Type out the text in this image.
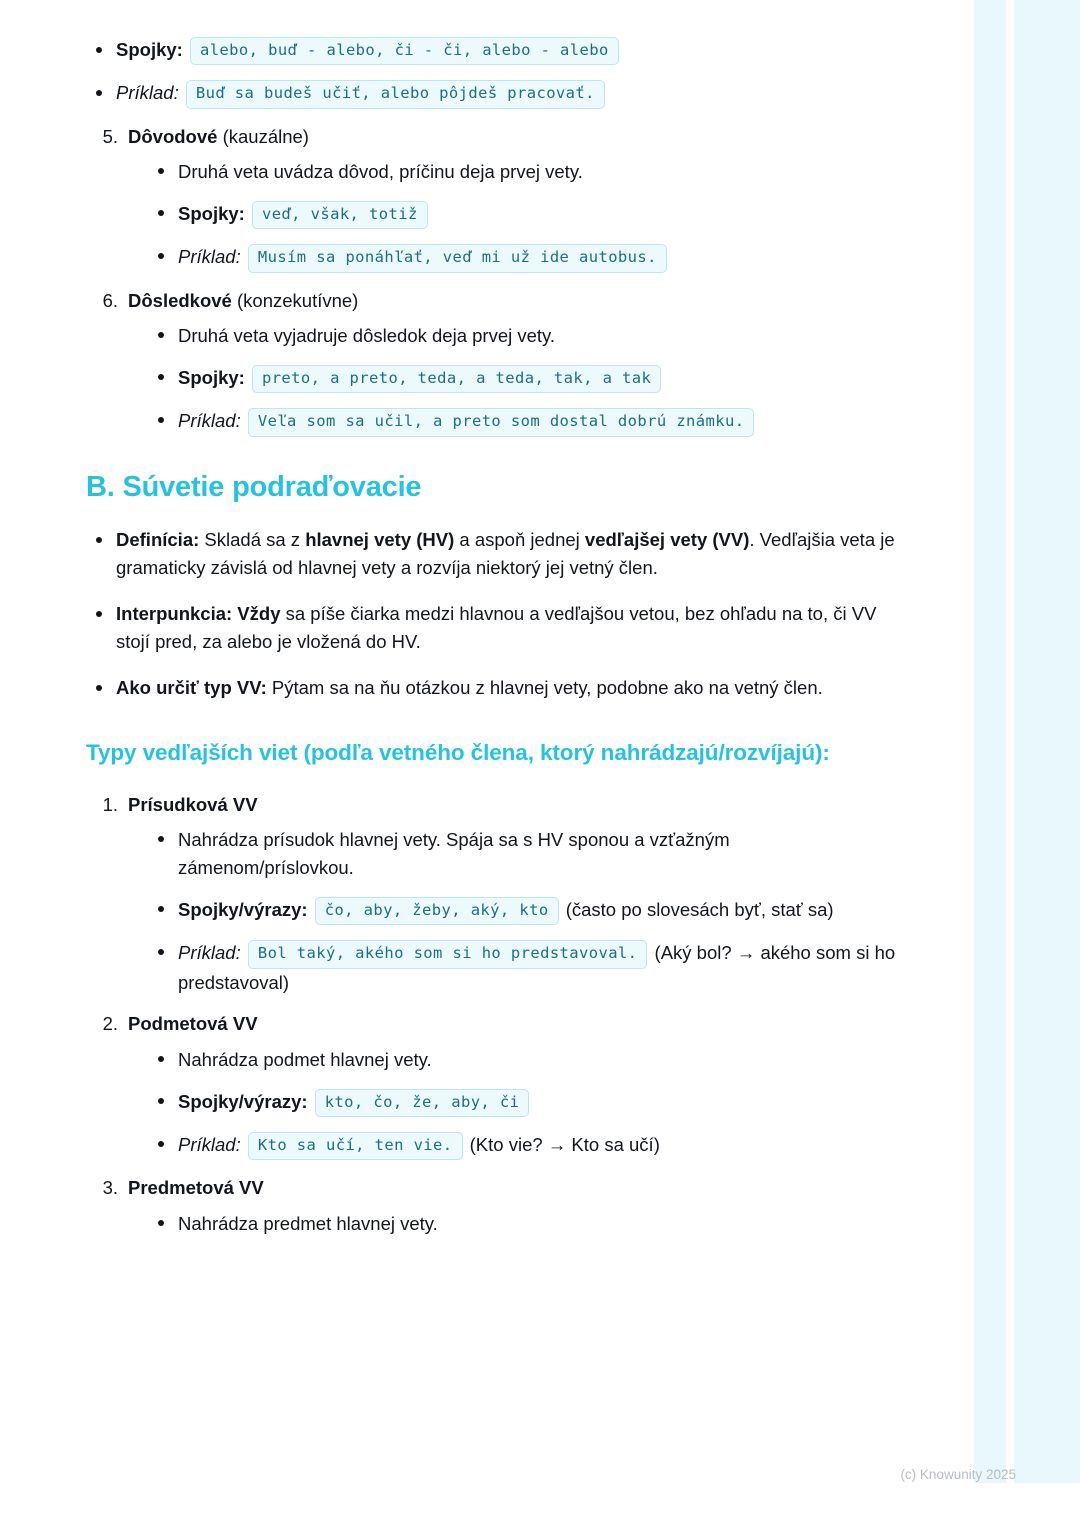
Spojky: alebo, buď - alebo, či - či, alebo - alebo
Príklad: Buď sa budeš učiť, alebo pôjdeš pracovať.
5. Dôvodové (kauzálne)
Druhá veta uvádza dôvod, príčinu deja prvej vety.
Spojky: veď, však, totiž
Príklad: Musím sa ponáhľať, veď mi už ide autobus.
6. Dôsledkové (konzekutívne)
Druhá veta vyjadruje dôsledok deja prvej vety.
Spojky: preto, a preto, teda, a teda, tak, a tak
Príklad: Veľa som sa učil, a preto som dostal dobrú známku.
B. Súvetie podraďovacie
Definícia: Skladá sa z hlavnej vety (HV) a aspoň jednej vedľajšej vety (VV). Vedľajšia veta je gramaticky závislá od hlavnej vety a rozvíja niektorý jej vetný člen.
Interpunkcia: Vždy sa píše čiarka medzi hlavnou a vedľajšou vetou, bez ohľadu na to, či VV stojí pred, za alebo je vložená do HV.
Ako určiť typ VV: Pýtam sa na ňu otázkou z hlavnej vety, podobne ako na vetný člen.
Typy vedľajších viet (podľa vetného člena, ktorý nahrádzajú/rozvíjajú):
1. Prísudková VV
Nahrádza prísudok hlavnej vety. Spája sa s HV sponou a vzťažným zámenom/príslovkou.
Spojky/výrazy: čo, aby, žeby, aký, kto (často po slovesách byť, stať sa)
Príklad: Bol taký, akého som si ho predstavoval. (Aký bol? → akého som si ho predstavoval)
2. Podmetová VV
Nahrádza podmet hlavnej vety.
Spojky/výrazy: kto, čo, že, aby, či
Príklad: Kto sa učí, ten vie. (Kto vie? → Kto sa učí)
3. Predmetová VV
Nahrádza predmet hlavnej vety.
(c) Knowunity 2025
